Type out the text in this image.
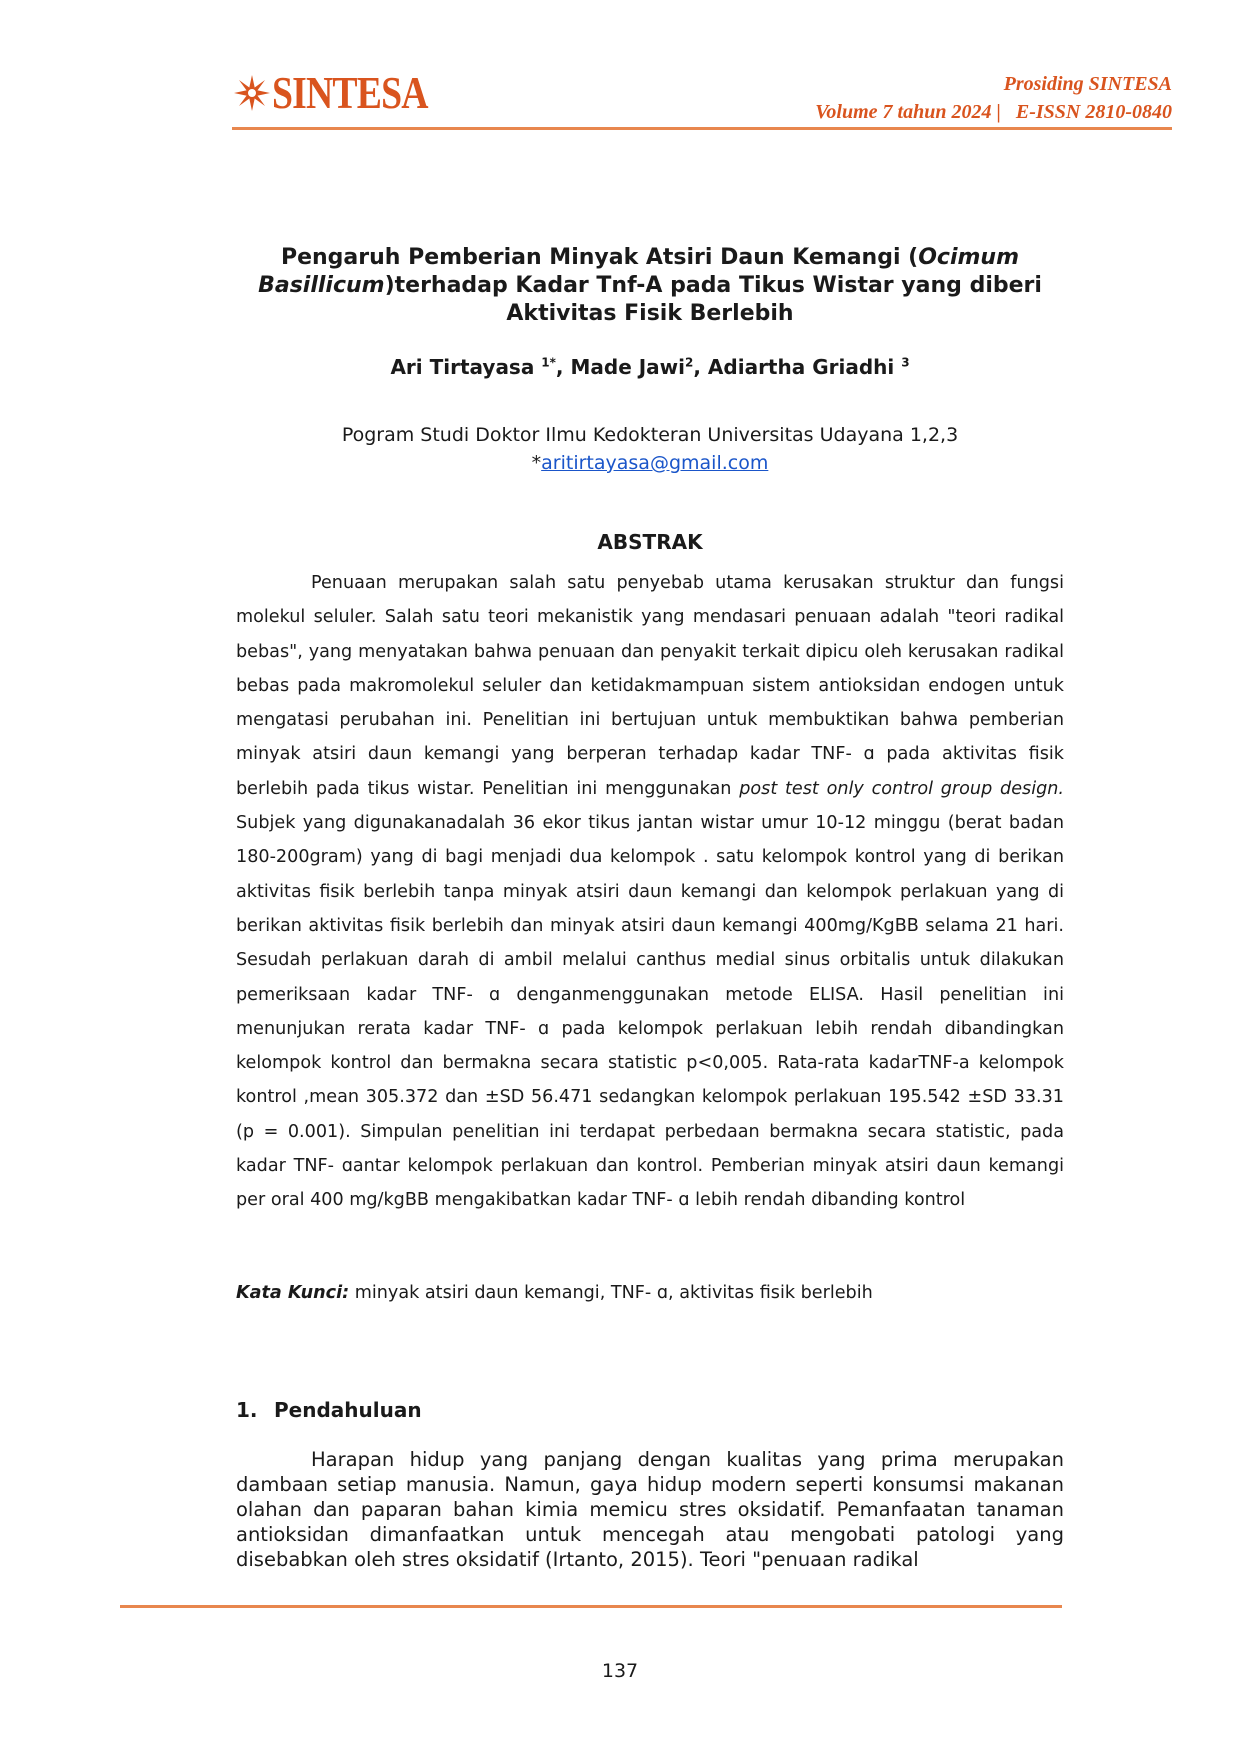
SINTESA	Prosiding SINTESA
Volume 7 tahun 2024 | E-ISSN 2810-0840
Pengaruh Pemberian Minyak Atsiri Daun Kemangi (Ocimum Basillicum)terhadap Kadar Tnf-A pada Tikus Wistar yang diberi Aktivitas Fisik Berlebih
Ari Tirtayasa $^{1*}$, Made Jawi$^2$, Adiartha Griadhi $^3$
Pogram Studi Doktor Ilmu Kedokteran Universitas Udayana 1,2,3
*aritirtayasa@gmail.com
ABSTRAK

Penuaan merupakan salah satu penyebab utama kerusakan struktur dan fungsi molekul seluler. Salah satu teori mekanistik yang mendasari penuaan adalah "teori radikal bebas", yang menyatakan bahwa penuaan dan penyakit terkait dipicu oleh kerusakan radikal bebas pada makromolekul seluler dan ketidakmampuan sistem antioksidan endogen untuk mengatasi perubahan ini. Penelitian ini bertujuan untuk membuktikan bahwa pemberian minyak atsiri daun kemangi yang berperan terhadap kadar TNF- ɑ pada aktivitas fisik berlebih pada tikus wistar. Penelitian ini menggunakan post test only control group design. Subjek yang digunakanadalah 36 ekor tikus jantan wistar umur 10-12 minggu (berat badan 180-200gram) yang di bagi menjadi dua kelompok . satu kelompok kontrol yang di berikan aktivitas fisik berlebih tanpa minyak atsiri daun kemangi dan kelompok perlakuan yang di berikan aktivitas fisik berlebih dan minyak atsiri daun kemangi 400mg/KgBB selama 21 hari. Sesudah perlakuan darah di ambil melalui canthus medial sinus orbitalis untuk dilakukan pemeriksaan kadar TNF- ɑ denganmenggunakan metode ELISA. Hasil penelitian ini menunjukan rerata kadar TNF- ɑ pada kelompok perlakuan lebih rendah dibandingkan kelompok kontrol dan bermakna secara statistic p<0,005. Rata-rata kadarTNF-a kelompok kontrol ,mean 305.372 dan ±SD 56.471 sedangkan kelompok perlakuan 195.542 ±SD 33.31 (p = 0.001). Simpulan penelitian ini terdapat perbedaan bermakna secara statistic, pada kadar TNF- ɑantar kelompok perlakuan dan kontrol. Pemberian minyak atsiri daun kemangi per oral 400 mg/kgBB mengakibatkan kadar TNF- ɑ lebih rendah dibanding kontrol

Kata Kunci: minyak atsiri daun kemangi, TNF- ɑ, aktivitas fisik berlebih
1. Pendahuluan

Harapan hidup yang panjang dengan kualitas yang prima merupakan dambaan setiap manusia. Namun, gaya hidup modern seperti konsumsi makanan olahan dan paparan bahan kimia memicu stres oksidatif. Pemanfaatan tanaman antioksidan dimanfaatkan untuk mencegah atau mengobati patologi yang disebabkan oleh stres oksidatif (Irtanto, 2015). Teori "penuaan radikal

137
